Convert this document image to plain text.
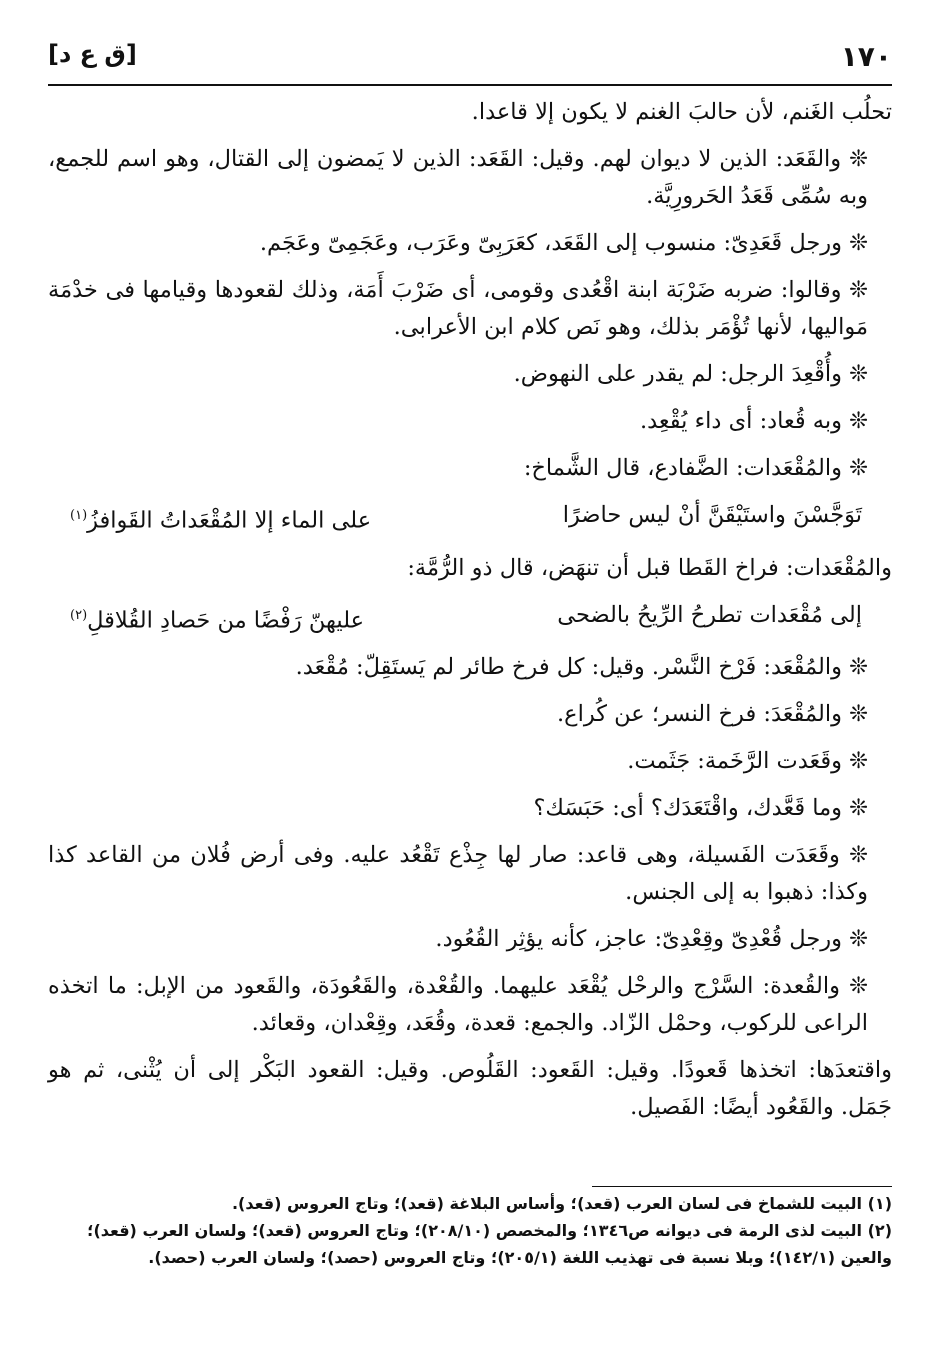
١٧٠
[ق ع د]

تحلُب الغَنم، لأن حالبَ الغنم لا يكون إلا قاعدا.

❊ والقَعَد: الذين لا ديوان لهم. وقيل: القَعَد: الذين لا يَمضون إلى القتال، وهو اسم للجمع، وبه سُمِّى قَعَدُ الحَرورِيَّة.

❊ ورجل قَعَدِىّ: منسوب إلى القَعَد، كعَرَبِىّ وعَرَب، وعَجَمِىّ وعَجَم.

❊ وقالوا: ضربه ضَرْبَة ابنة اقْعُدى وقومى، أى ضَرْبَ أَمَة، وذلك لقعودها وقيامها فى خدْمَة مَواليها، لأنها تُؤْمَر بذلك، وهو نَص كلام ابن الأعرابى.

❊ وأُقْعِدَ الرجل: لم يقدر على النهوض.

❊ وبه قُعاد: أى داء يُقْعِد.

❊ والمُقْعَدات: الضَّفادع، قال الشَّماخ:

تَوَجَّسْنَ واستَيْقَنَّ أنْ ليس حاضرًا
على الماء إلا المُقْعَداتُ القَوافزُ$^{(١)}$

والمُقْعَدات: فراخ القَطا قبل أن تنهَض، قال ذو الرُّمَّة:

إلى مُقْعَدات تطرحُ الرِّيحُ بالضحى
عليهنّ رَفْضًا من حَصادِ القُلاقلِ$^{(٢)}$

❊ والمُقْعَد: فَرْخ النَّسْر. وقيل: كل فرخ طائر لم يَستَقِلّ: مُقْعَد.

❊ والمُقْعَدَ: فرخ النسر؛ عن كُراع.

❊ وقَعَدت الرَّخَمة: جَثَمت.

❊ وما قَعَّدك، واقْتَعَدَك؟ أى: حَبَسَك؟

❊ وقَعَدَت الفَسيلة، وهى قاعد: صار لها جِذْع تَقْعُد عليه. وفى أرض فُلان من القاعد كذا وكذا: ذهبوا به إلى الجنس.

❊ ورجل قُعْدِىّ وقِعْدِىّ: عاجز، كأنه يؤثِر القُعُود.

❊ والقُعدة: السَّرْج والرحْل يُقْعَد عليهما. والقُعْدة، والقَعُودَة، والقَعود من الإبل: ما اتخذه الراعى للركوب، وحمْل الزّاد. والجمع: قعدة، وقُعَد، وقِعْدان، وقعائد.

واقتعدَها: اتخذها قَعودًا. وقيل: القَعود: القَلُوص. وقيل: القعود البَكْر إلى أن يُثْنى، ثم هو جَمَل. والقَعُود أيضًا: الفَصيل.

(١) البيت للشماخ فى لسان العرب (قعد)؛ وأساس البلاغة (قعد)؛ وتاج العروس (قعد).

(٢) البيت لذى الرمة فى ديوانه ص١٣٤٦؛ والمخصص (٢٠٨/١٠)؛ وتاج العروس (قعد)؛ ولسان العرب (قعد)؛ والعين (١٤٢/١)؛ وبلا نسبة فى تهذيب اللغة (٢٠٥/١)؛ وتاج العروس (حصد)؛ ولسان العرب (حصد).
